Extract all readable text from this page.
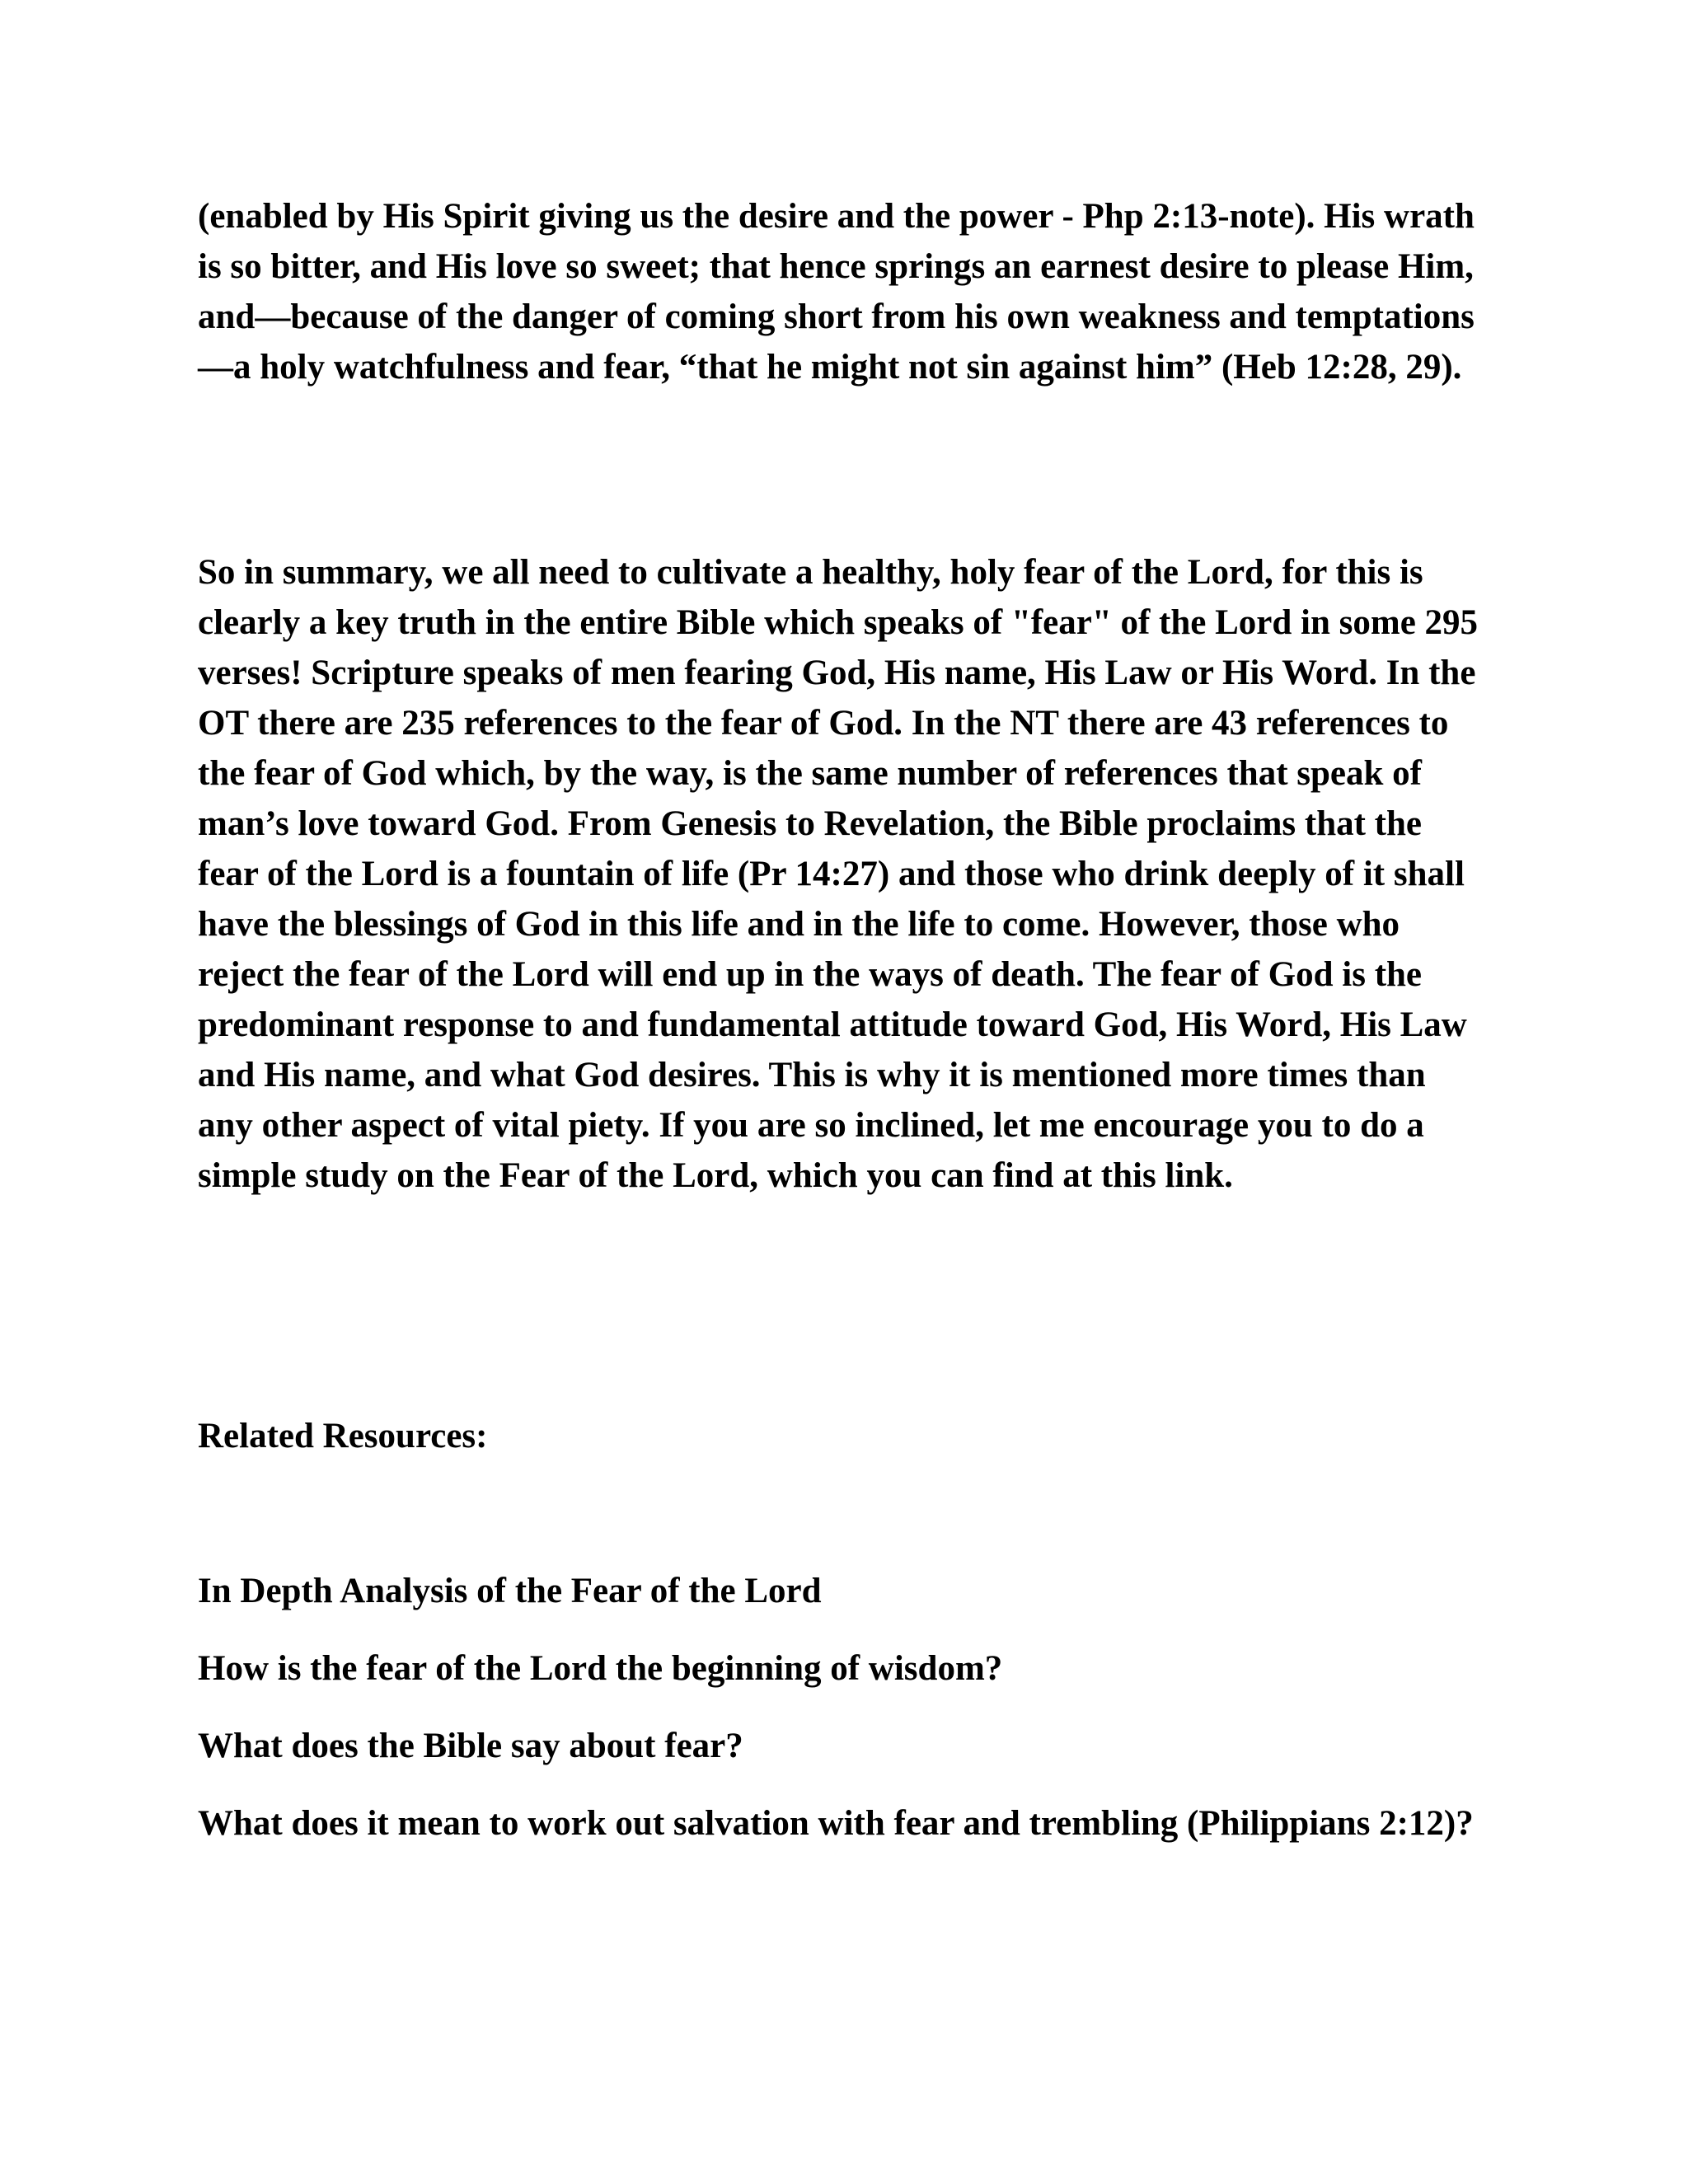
(enabled by His Spirit giving us the desire and the power - Php 2:13-note). His wrath is so bitter, and His love so sweet; that hence springs an earnest desire to please Him, and—because of the danger of coming short from his own weakness and temptations—a holy watchfulness and fear, “that he might not sin against him” (Heb 12:28, 29).

So in summary, we all need to cultivate a healthy, holy fear of the Lord, for this is clearly a key truth in the entire Bible which speaks of "fear" of the Lord in some 295 verses! Scripture speaks of men fearing God, His name, His Law or His Word. In the OT there are 235 references to the fear of God. In the NT there are 43 references to the fear of God which, by the way, is the same number of references that speak of man’s love toward God. From Genesis to Revelation, the Bible proclaims that the fear of the Lord is a fountain of life (Pr 14:27) and those who drink deeply of it shall have the blessings of God in this life and in the life to come. However, those who reject the fear of the Lord will end up in the ways of death. The fear of God is the predominant response to and fundamental attitude toward God, His Word, His Law and His name, and what God desires. This is why it is mentioned more times than any other aspect of vital piety. If you are so inclined, let me encourage you to do a simple study on the Fear of the Lord, which you can find at this link.

Related Resources:

In Depth Analysis of the Fear of the Lord
How is the fear of the Lord the beginning of wisdom?
What does the Bible say about fear?
What does it mean to work out salvation with fear and trembling (Philippians 2:12)?
